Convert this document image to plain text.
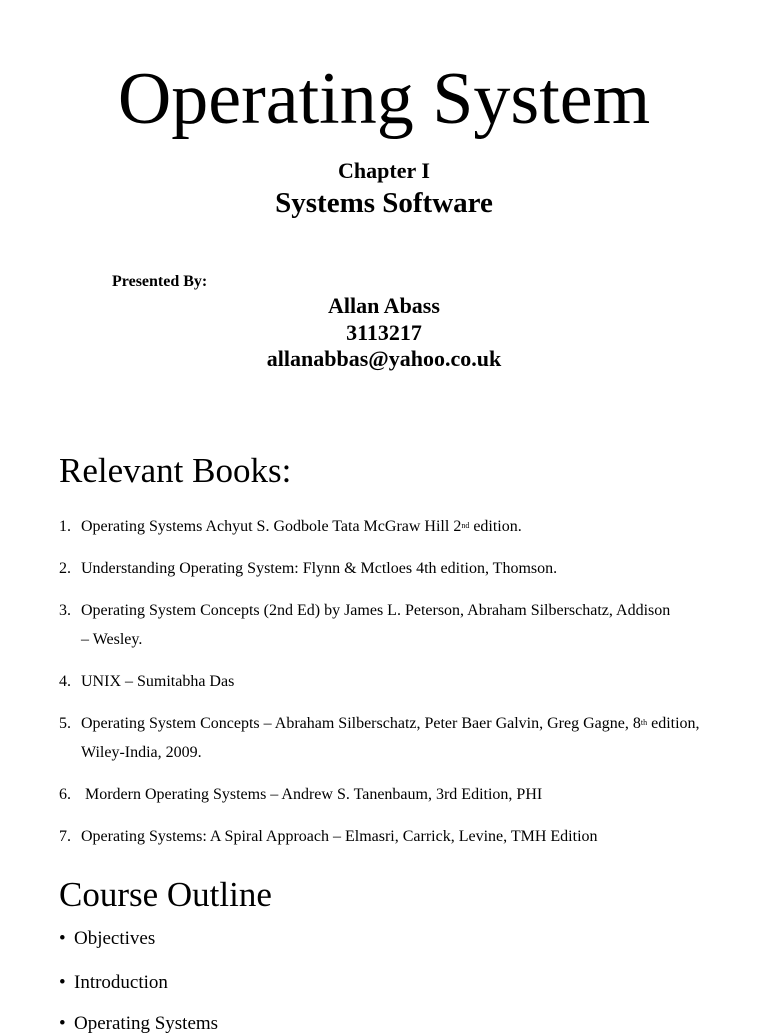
Operating System
Chapter I
Systems Software
Presented By:
Allan Abass
3113217
allanabbas@yahoo.co.uk
Relevant Books:
1. Operating Systems Achyut S. Godbole Tata McGraw Hill 2nd edition.
2. Understanding Operating System: Flynn & Mctloes 4th edition, Thomson.
3. Operating System Concepts (2nd Ed) by James L. Peterson, Abraham Silberschatz, Addison – Wesley.
4. UNIX – Sumitabha Das
5. Operating System Concepts – Abraham Silberschatz, Peter Baer Galvin, Greg Gagne, 8th edition, Wiley-India, 2009.
6. Mordern Operating Systems – Andrew S. Tanenbaum, 3rd Edition, PHI
7. Operating Systems: A Spiral Approach – Elmasri, Carrick, Levine, TMH Edition
Course Outline
• Objectives
• Introduction
• Operating Systems
